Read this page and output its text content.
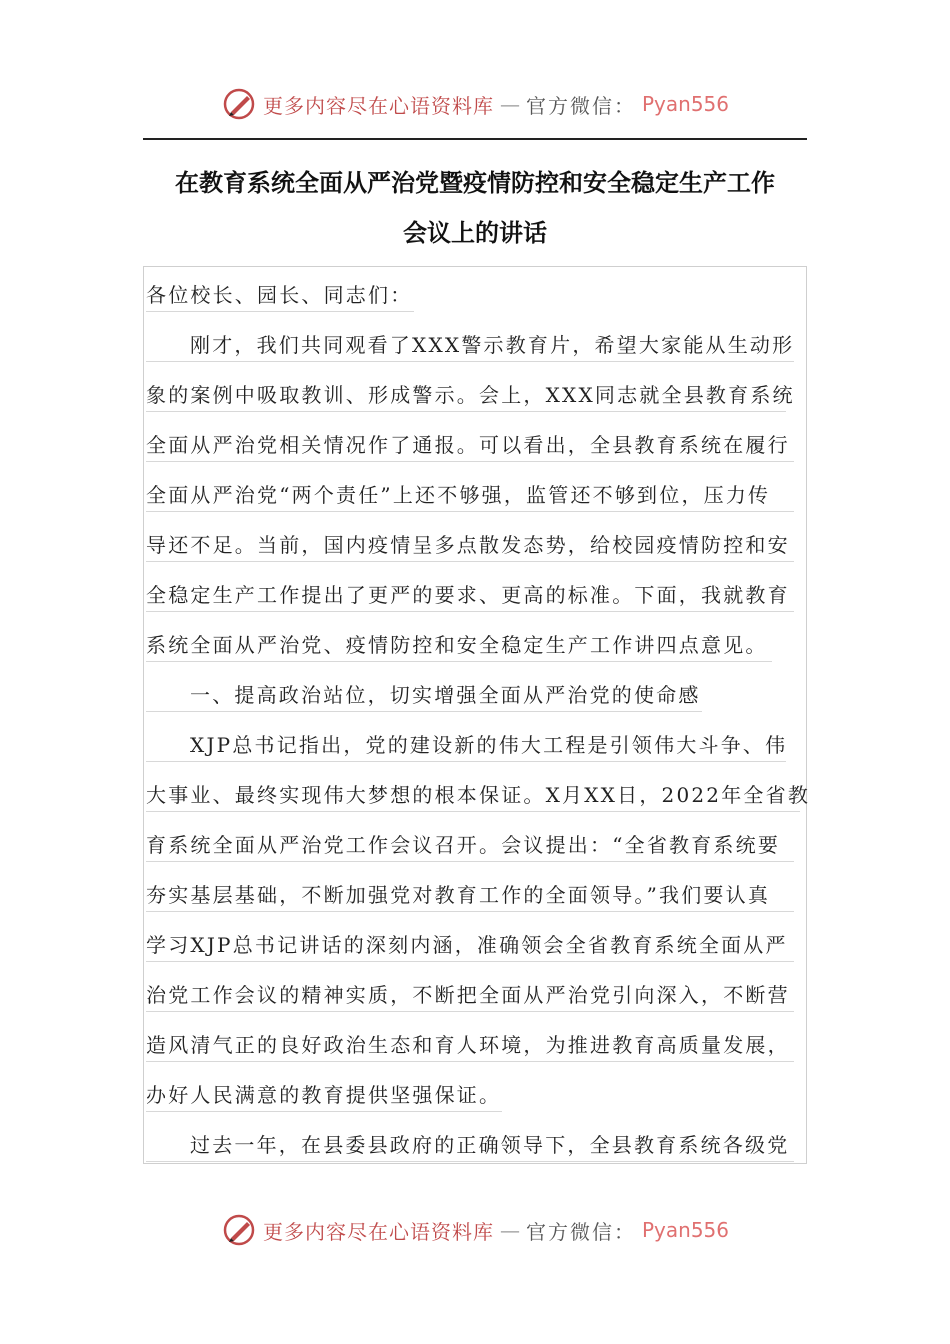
更多内容尽在心语资料库 — 官方微信： Pyan556
在教育系统全面从严治党暨疫情防控和安全稳定生产工作
会议上的讲话
各位校长、园长、同志们：
刚才，我们共同观看了XXX警示教育片，希望大家能从生动形
象的案例中吸取教训、形成警示。会上，XXX同志就全县教育系统
全面从严治党相关情况作了通报。可以看出，全县教育系统在履行
全面从严治党“两个责任”上还不够强，监管还不够到位，压力传
导还不足。当前，国内疫情呈多点散发态势，给校园疫情防控和安
全稳定生产工作提出了更严的要求、更高的标准。下面，我就教育
系统全面从严治党、疫情防控和安全稳定生产工作讲四点意见。
一、提高政治站位，切实增强全面从严治党的使命感
XJP总书记指出，党的建设新的伟大工程是引领伟大斗争、伟
大事业、最终实现伟大梦想的根本保证。X月XX日，2022年全省教
育系统全面从严治党工作会议召开。会议提出：“全省教育系统要
夯实基层基础，不断加强党对教育工作的全面领导。”我们要认真
学习XJP总书记讲话的深刻内涵，准确领会全省教育系统全面从严
治党工作会议的精神实质，不断把全面从严治党引向深入，不断营
造风清气正的良好政治生态和育人环境，为推进教育高质量发展，
办好人民满意的教育提供坚强保证。
过去一年，在县委县政府的正确领导下，全县教育系统各级党
更多内容尽在心语资料库 — 官方微信： Pyan556
